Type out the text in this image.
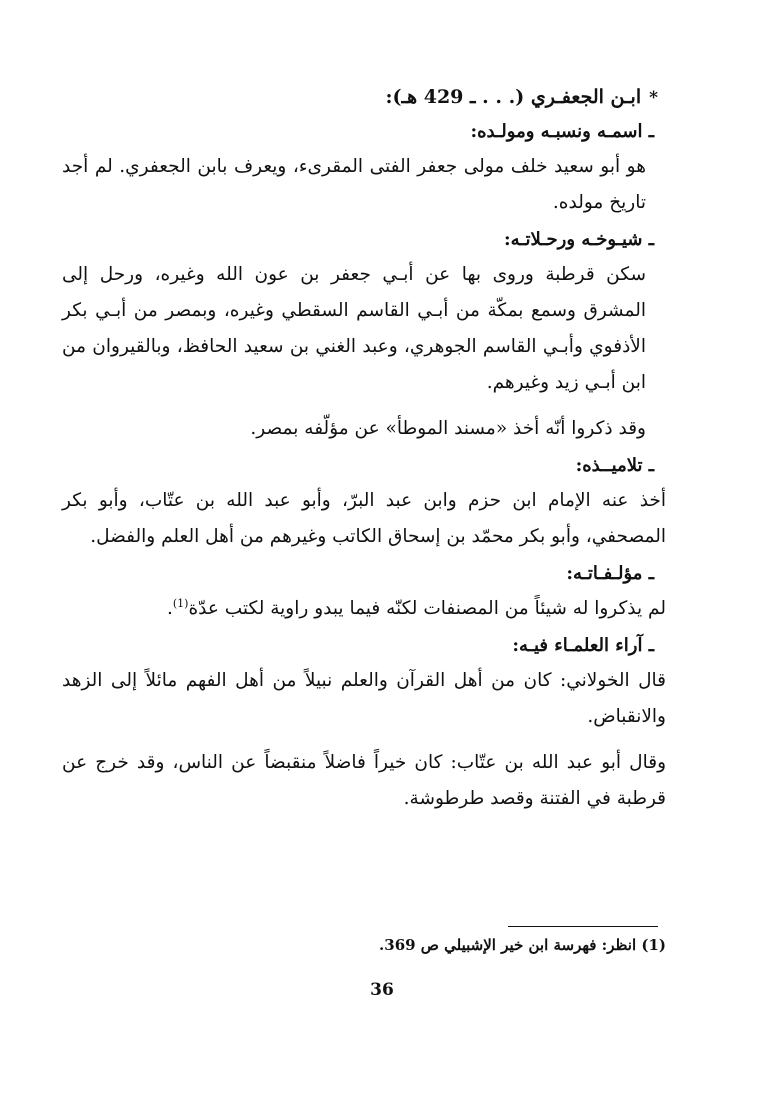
*ابـن الجعفـري (. . . ـ 429 هـ):
ـ اسمـه ونسبـه ومولـده:

هو أبو سعيد خلف مولى جعفر الفتى المقرىء، ويعرف بابن الجعفري. لم أجد تاريخ مولده.

ـ شيـوخـه ورحـلاتـه:

سكن قرطبة وروى بها عن أبـي جعفر بن عون الله وغيره، ورحل إلى المشرق وسمع بمكّة من أبـي القاسم السقطي وغيره، وبمصر من أبـي بكر الأذفوي وأبـي القاسم الجوهري، وعبد الغني بن سعيد الحافظ، وبالقيروان من ابن أبـي زيد وغيرهم.

وقد ذكروا أنّه أخذ «مسند الموطأ» عن مؤلّفه بمصر.

ـ تلاميــذه:

أخذ عنه الإمام ابن حزم وابن عبد البرّ، وأبو عبد الله بن عتّاب، وأبو بكر المصحفي، وأبو بكر محمّد بن إسحاق الكاتب وغيرهم من أهل العلم والفضل.

ـ مؤلـفـاتـه:

لم يذكروا له شيئاً من المصنفات لكنّه فيما يبدو راوية لكتب عدّة$^{(1)}$.

ـ آراء العلمـاء فيـه:

قال الخولاني: كان من أهل القرآن والعلم نبيلاً من أهل الفهم مائلاً إلى الزهد والانقباض.

وقال أبو عبد الله بن عتّاب: كان خيراً فاضلاً منقبضاً عن الناس، وقد خرج عن قرطبة في الفتنة وقصد طرطوشة.

(1) انظر: فهرسة ابن خير الإشبيلي ص 369.
36
